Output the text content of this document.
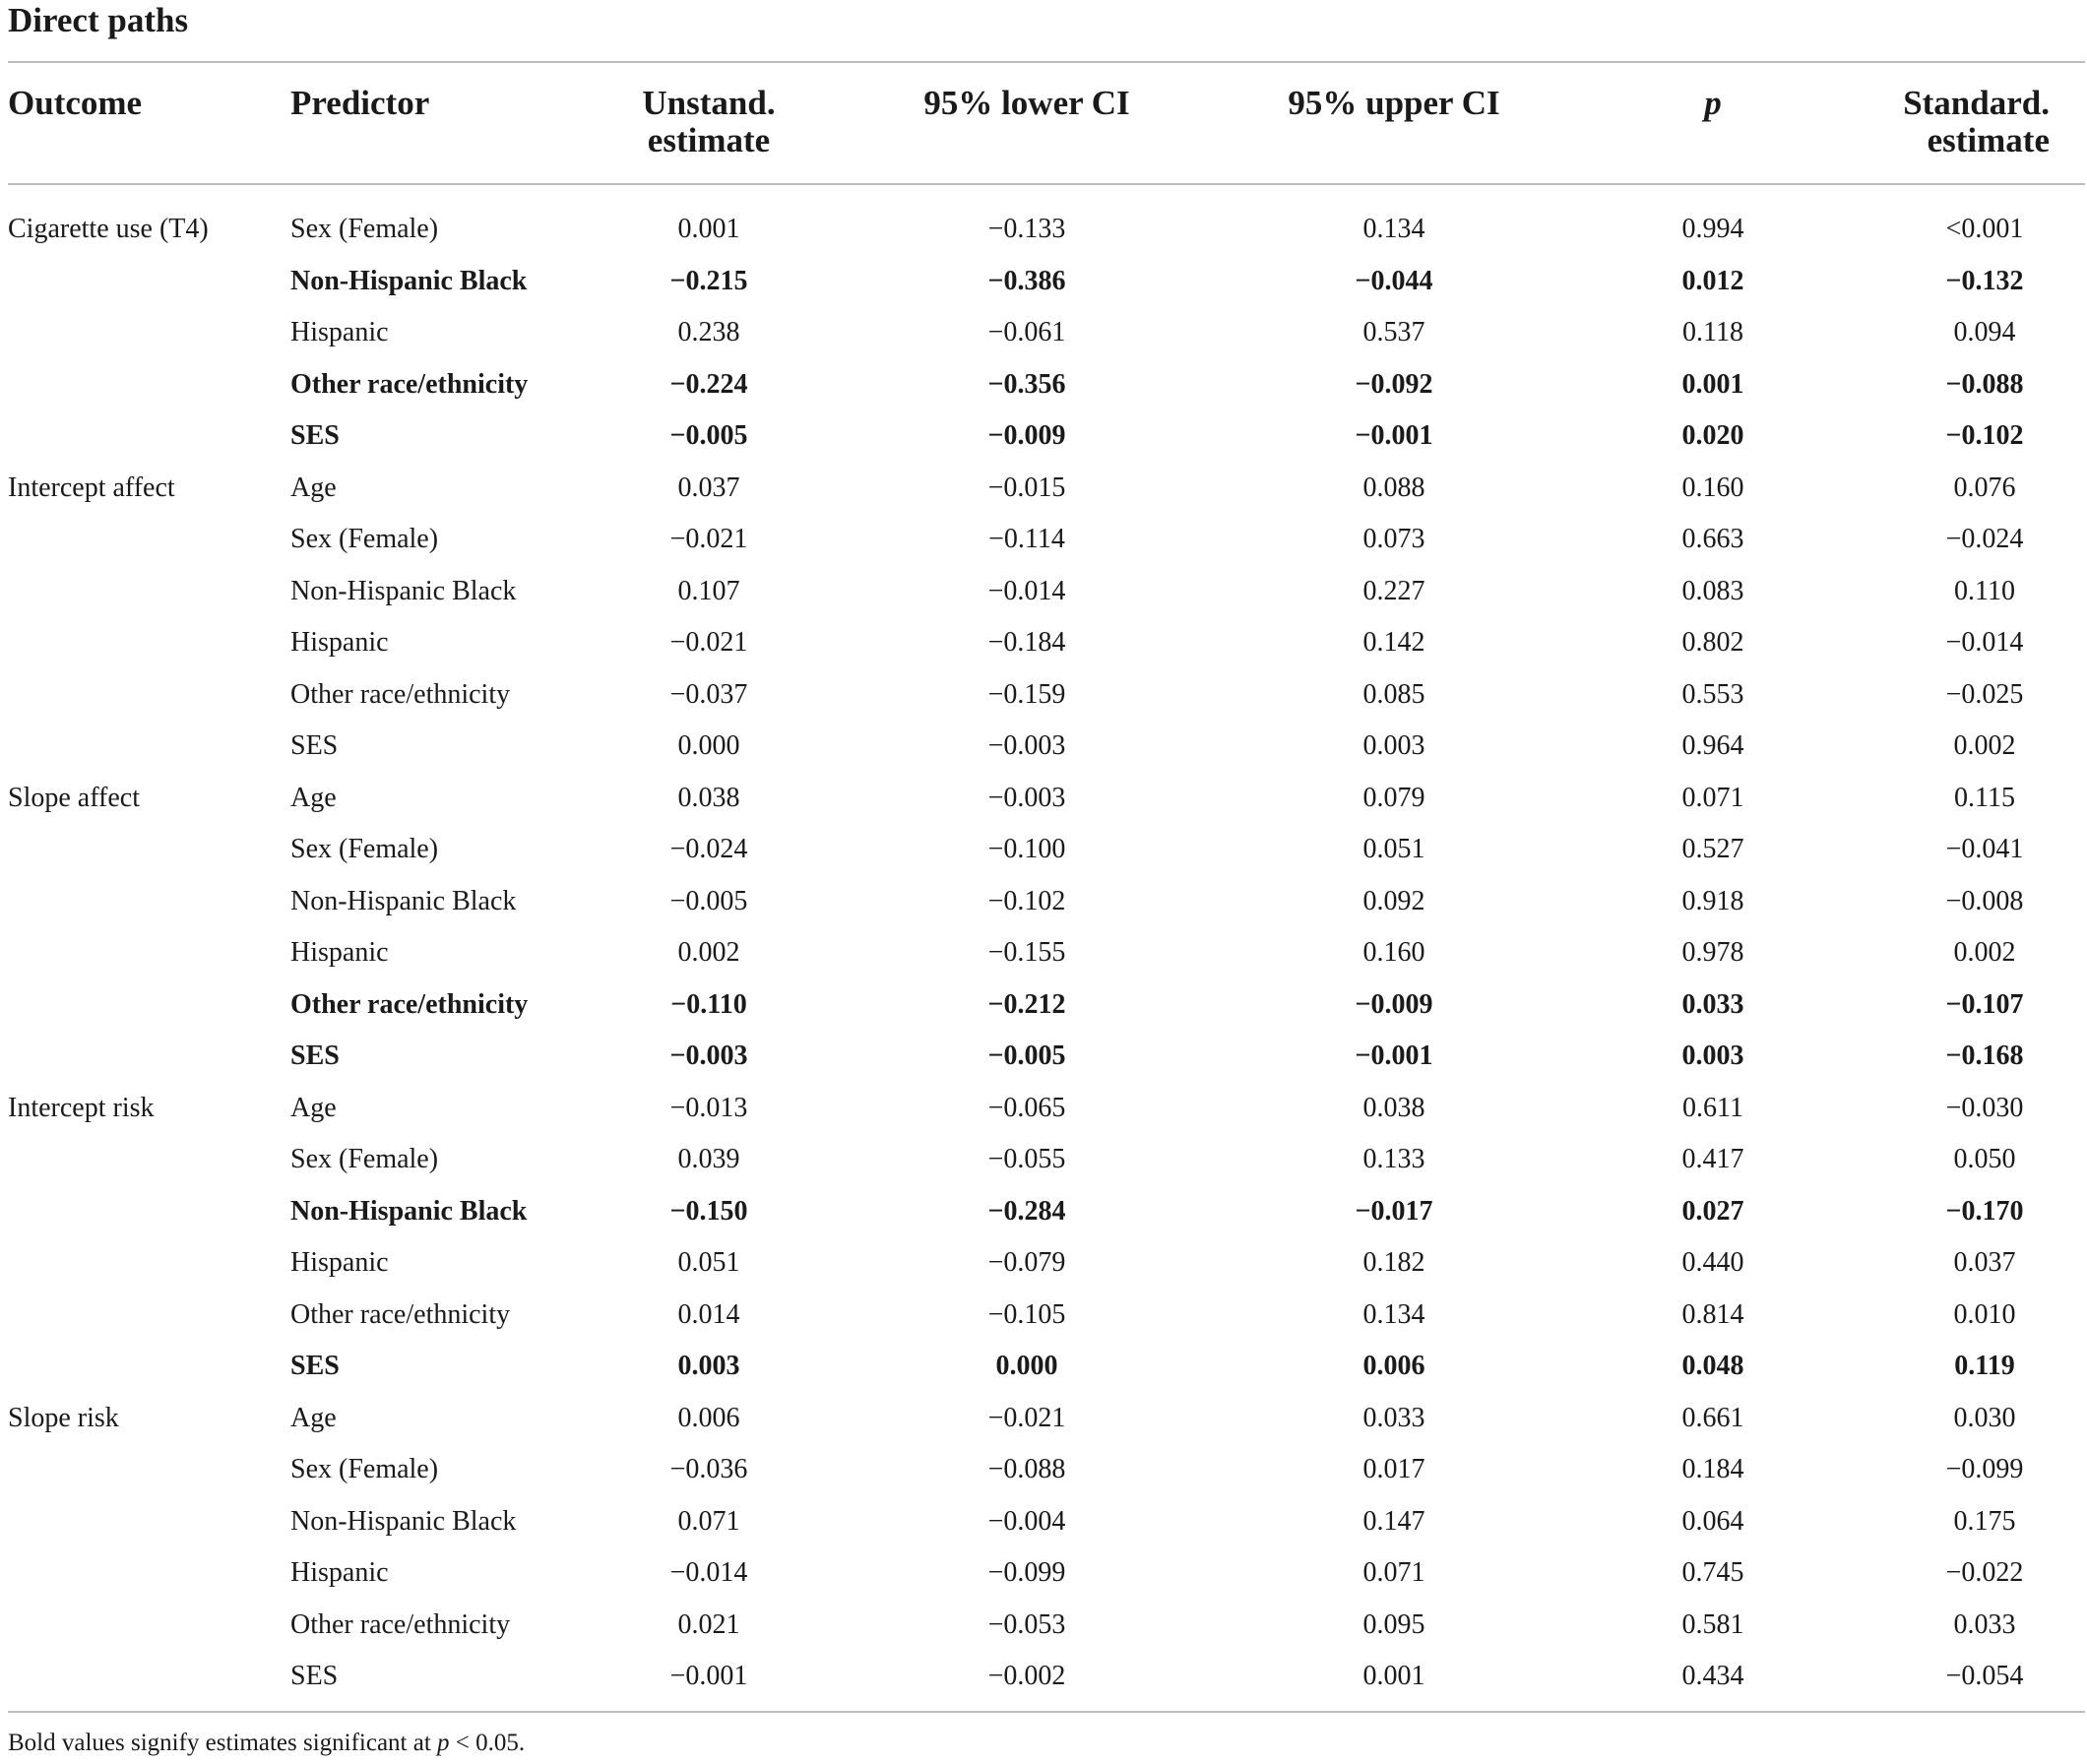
Direct paths
Outcome	Predictor	Unstand.
estimate
95% lower CI	95% upper CI	p	Standard.
estimate
Cigarette use (T4)	Sex (Female)	0.001	−0.133	0.134	0.994	<0.001
Non-Hispanic Black	−0.215	−0.386	−0.044	0.012	−0.132
Hispanic	0.238	−0.061	0.537	0.118	0.094
Other race/ethnicity	−0.224	−0.356	−0.092	0.001	−0.088
SES	−0.005	−0.009	−0.001	0.020	−0.102
Intercept affect	Age	0.037	−0.015	0.088	0.160	0.076
Sex (Female)	−0.021	−0.114	0.073	0.663	−0.024
Non-Hispanic Black	0.107	−0.014	0.227	0.083	0.110
Hispanic	−0.021	−0.184	0.142	0.802	−0.014
Other race/ethnicity	−0.037	−0.159	0.085	0.553	−0.025
SES	0.000	−0.003	0.003	0.964	0.002
Slope affect	Age	0.038	−0.003	0.079	0.071	0.115
Sex (Female)	−0.024	−0.100	0.051	0.527	−0.041
Non-Hispanic Black	−0.005	−0.102	0.092	0.918	−0.008
Hispanic	0.002	−0.155	0.160	0.978	0.002
Other race/ethnicity	−0.110	−0.212	−0.009	0.033	−0.107
SES	−0.003	−0.005	−0.001	0.003	−0.168
Intercept risk	Age	−0.013	−0.065	0.038	0.611	−0.030
Sex (Female)	0.039	−0.055	0.133	0.417	0.050
Non-Hispanic Black	−0.150	−0.284	−0.017	0.027	−0.170
Hispanic	0.051	−0.079	0.182	0.440	0.037
Other race/ethnicity	0.014	−0.105	0.134	0.814	0.010
SES	0.003	0.000	0.006	0.048	0.119
Slope risk	Age	0.006	−0.021	0.033	0.661	0.030
Sex (Female)	−0.036	−0.088	0.017	0.184	−0.099
Non-Hispanic Black	0.071	−0.004	0.147	0.064	0.175
Hispanic	−0.014	−0.099	0.071	0.745	−0.022
Other race/ethnicity	0.021	−0.053	0.095	0.581	0.033
SES	−0.001	−0.002	0.001	0.434	−0.054
Bold values signify estimates significant at p < 0.05.
